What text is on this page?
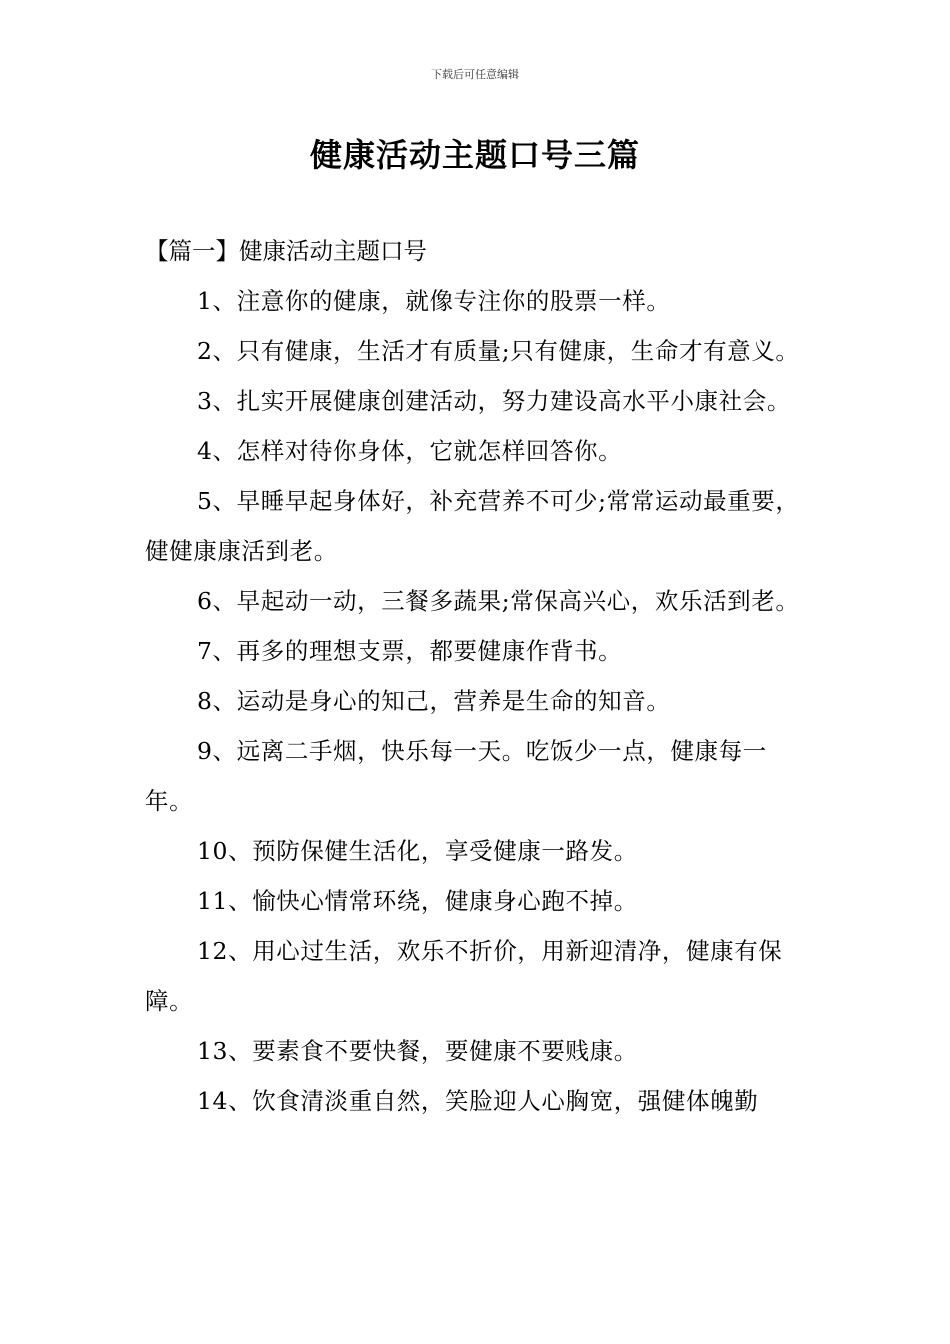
下载后可任意编辑
健康活动主题口号三篇

【篇一】健康活动主题口号

1、注意你的健康，就像专注你的股票一样。

2、只有健康，生活才有质量;只有健康，生命才有意义。

3、扎实开展健康创建活动，努力建设高水平小康社会。

4、怎样对待你身体，它就怎样回答你。

5、早睡早起身体好，补充营养不可少;常常运动最重要，健健康康活到老。

6、早起动一动，三餐多蔬果;常保高兴心，欢乐活到老。

7、再多的理想支票，都要健康作背书。

8、运动是身心的知己，营养是生命的知音。

9、远离二手烟，快乐每一天。吃饭少一点，健康每一年。

10、预防保健生活化，享受健康一路发。

11、愉快心情常环绕，健康身心跑不掉。

12、用心过生活，欢乐不折价，用新迎清净，健康有保障。

13、要素食不要快餐，要健康不要贱康。

14、饮食清淡重自然，笑脸迎人心胸宽，强健体魄勤
